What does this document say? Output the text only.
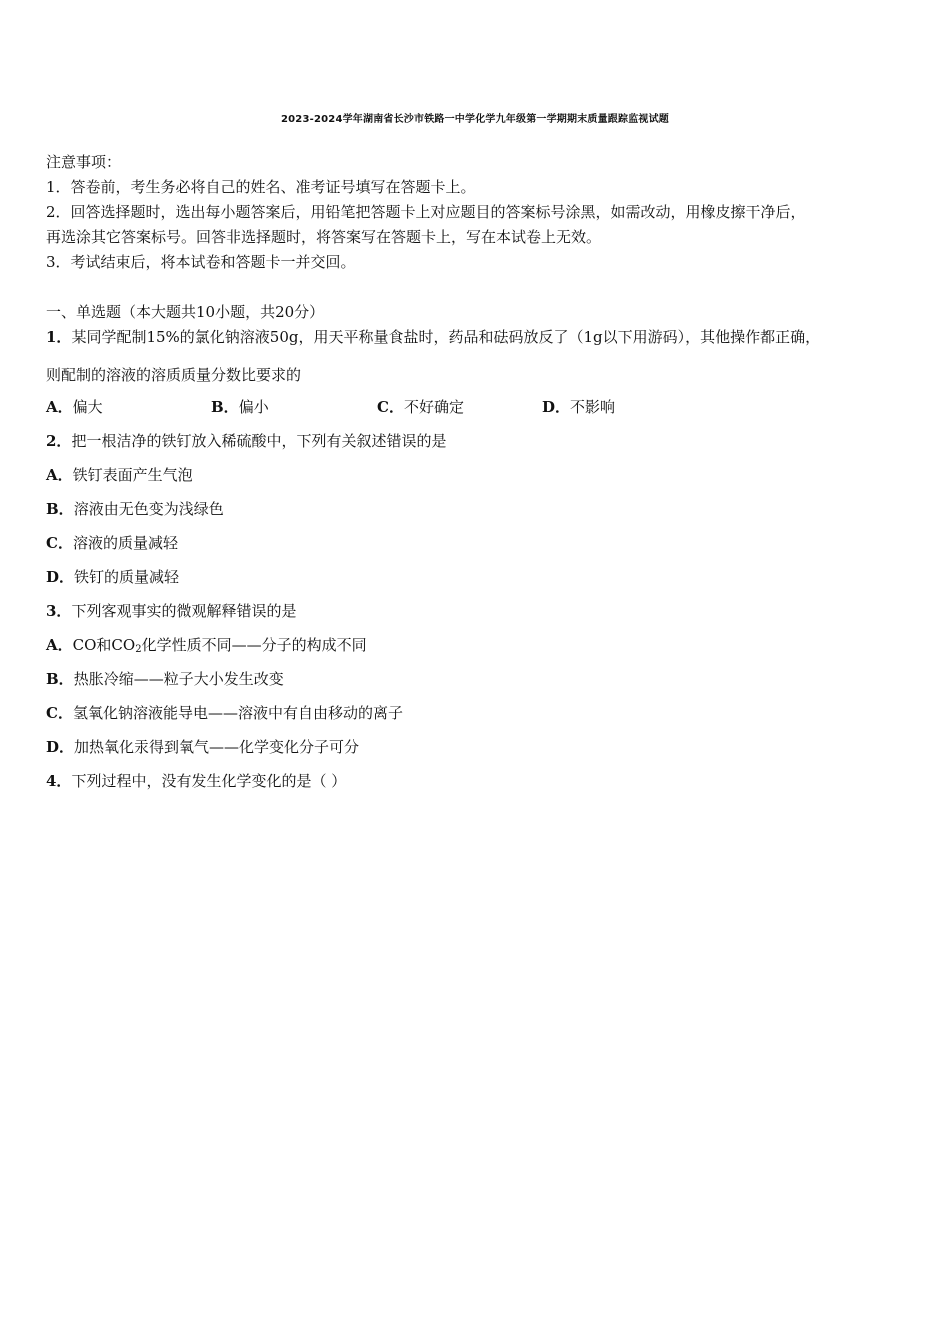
2023-2024学年湖南省长沙市铁路一中学化学九年级第一学期期末质量跟踪监视试题
注意事项：
1．答卷前，考生务必将自己的姓名、准考证号填写在答题卡上。
2．回答选择题时，选出每小题答案后，用铅笔把答题卡上对应题目的答案标号涂黑，如需改动，用橡皮擦干净后，
再选涂其它答案标号。回答非选择题时，将答案写在答题卡上，写在本试卷上无效。
3．考试结束后，将本试卷和答题卡一并交回。
一、单选题（本大题共10小题，共20分）
1．某同学配制15%的氯化钠溶液50g，用天平称量食盐时，药品和砝码放反了（1g以下用游码），其他操作都正确，
则配制的溶液的溶质质量分数比要求的
A．偏大	B．偏小	C．不好确定	D．不影响
2．把一根洁净的铁钉放入稀硫酸中，下列有关叙述错误的是
A．铁钉表面产生气泡
B．溶液由无色变为浅绿色
C．溶液的质量减轻
D．铁钉的质量减轻
3．下列客观事实的微观解释错误的是
A．CO和$CO_2$化学性质不同——分子的构成不同
B．热胀冷缩——粒子大小发生改变
C．氢氧化钠溶液能导电——溶液中有自由移动的离子
D．加热氧化汞得到氧气——化学变化分子可分
4．下列过程中，没有发生化学变化的是（ ）
